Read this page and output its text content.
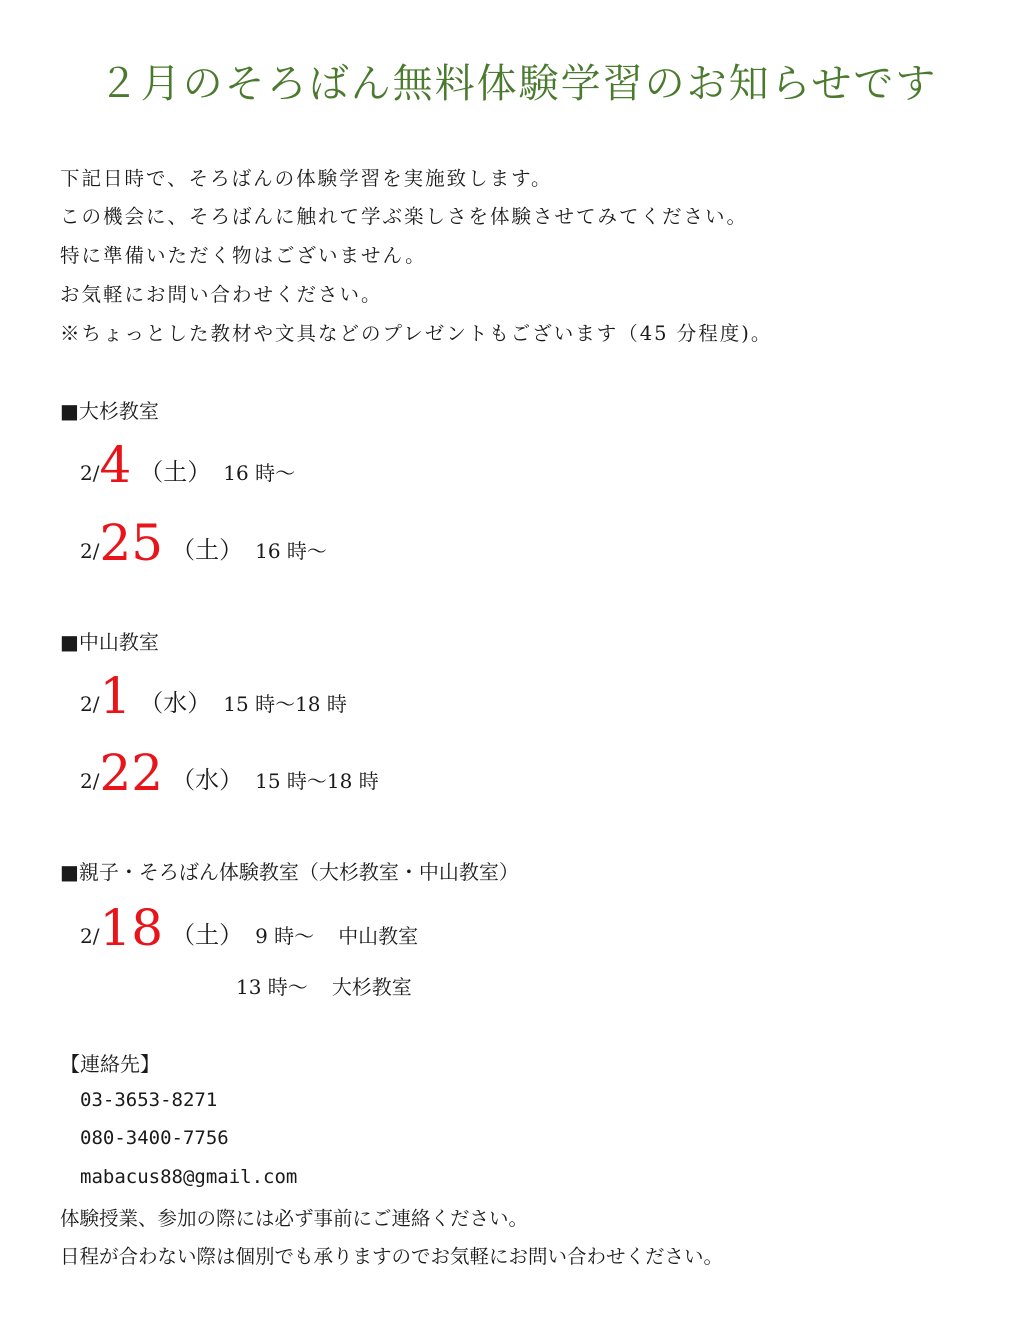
２月のそろばん無料体験学習のお知らせです
下記日時で、そろばんの体験学習を実施致します。
この機会に、そろばんに触れて学ぶ楽しさを体験させてみてください。
特に準備いただく物はございません。
お気軽にお問い合わせください。
※ちょっとした教材や文具などのプレゼントもございます（45 分程度)。
■大杉教室
2/4 （土） 16 時〜
2/25 （土） 16 時〜
■中山教室
2/1 （水） 15 時〜18 時
2/22 （水） 15 時〜18 時
■親子・そろばん体験教室（大杉教室・中山教室）
2/18 （土） 9 時〜 中山教室
13 時〜 大杉教室
【連絡先】
03-3653-8271
080-3400-7756
mabacus88@gmail.com
体験授業、参加の際には必ず事前にご連絡ください。
日程が合わない際は個別でも承りますのでお気軽にお問い合わせください。
